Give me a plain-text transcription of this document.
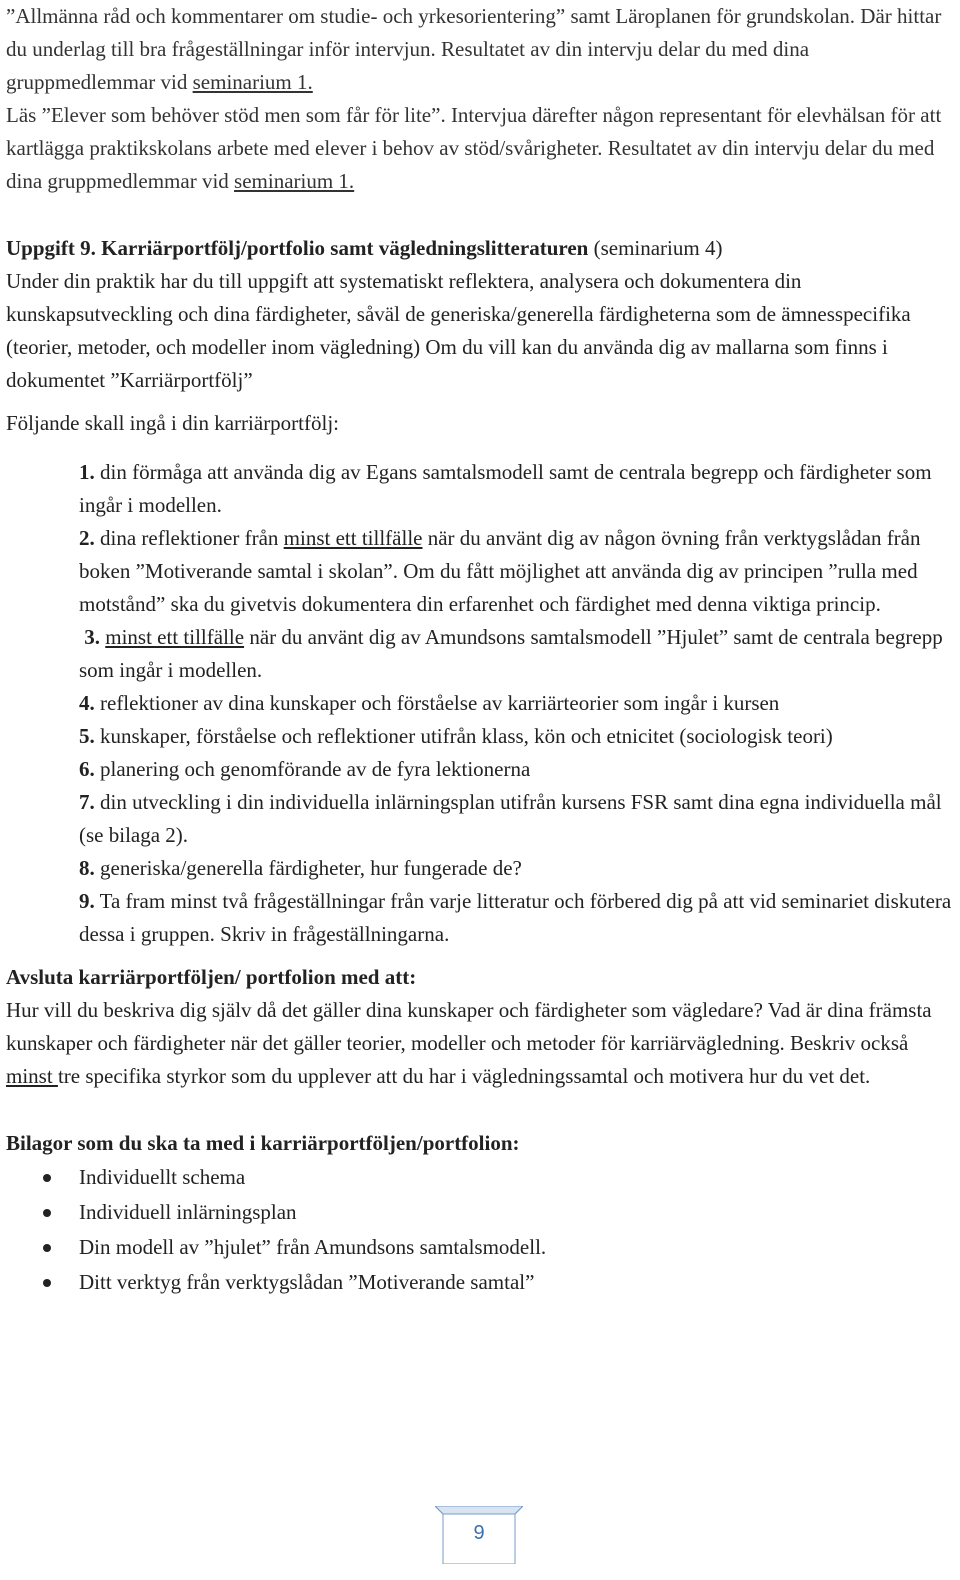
”Allmänna råd och kommentarer om studie- och yrkesorientering” samt Läroplanen för grundskolan. Där hittar du underlag till bra frågeställningar inför intervjun. Resultatet av din intervju delar du med dina gruppmedlemmar vid seminarium 1.

Läs ”Elever som behöver stöd men som får för lite”. Intervjua därefter någon representant för elevhälsan för att kartlägga praktikskolans arbete med elever i behov av stöd/svårigheter. Resultatet av din intervju delar du med dina gruppmedlemmar vid seminarium 1.

Uppgift 9. Karriärportfölj/portfolio samt vägledningslitteraturen (seminarium 4)

Under din praktik har du till uppgift att systematiskt reflektera, analysera och dokumentera din kunskapsutveckling och dina färdigheter, såväl de generiska/generella färdigheterna som de ämnesspecifika (teorier, metoder, och modeller inom vägledning) Om du vill kan du använda dig av mallarna som finns i dokumentet ”Karriärportfölj”

Följande skall ingå i din karriärportfölj:

1. din förmåga att använda dig av Egans samtalsmodell samt de centrala begrepp och färdigheter som ingår i modellen.
2. dina reflektioner från minst ett tillfälle när du använt dig av någon övning från verktygslådan från boken ”Motiverande samtal i skolan”. Om du fått möjlighet att använda dig av principen ”rulla med motstånd” ska du givetvis dokumentera din erfarenhet och färdighet med denna viktiga princip.
3. minst ett tillfälle när du använt dig av Amundsons samtalsmodell ”Hjulet” samt de centrala begrepp som ingår i modellen.
4. reflektioner av dina kunskaper och förståelse av karriärteorier som ingår i kursen
5. kunskaper, förståelse och reflektioner utifrån klass, kön och etnicitet (sociologisk teori)
6. planering och genomförande av de fyra lektionerna
7. din utveckling i din individuella inlärningsplan utifrån kursens FSR samt dina egna individuella mål (se bilaga 2).
8. generiska/generella färdigheter, hur fungerade de?
9. Ta fram minst två frågeställningar från varje litteratur och förbered dig på att vid seminariet diskutera dessa i gruppen. Skriv in frågeställningarna.
Avsluta karriärportföljen/ portfolion med att:

Hur vill du beskriva dig själv då det gäller dina kunskaper och färdigheter som vägledare? Vad är dina främsta kunskaper och färdigheter när det gäller teorier, modeller och metoder för karriärvägledning. Beskriv också minst tre specifika styrkor som du upplever att du har i vägledningssamtal och motivera hur du vet det.

Bilagor som du ska ta med i karriärportföljen/portfolion:
Individuellt schema
Individuell inlärningsplan
Din modell av ”hjulet” från Amundsons samtalsmodell.
Ditt verktyg från verktygslådan ”Motiverande samtal”
9
